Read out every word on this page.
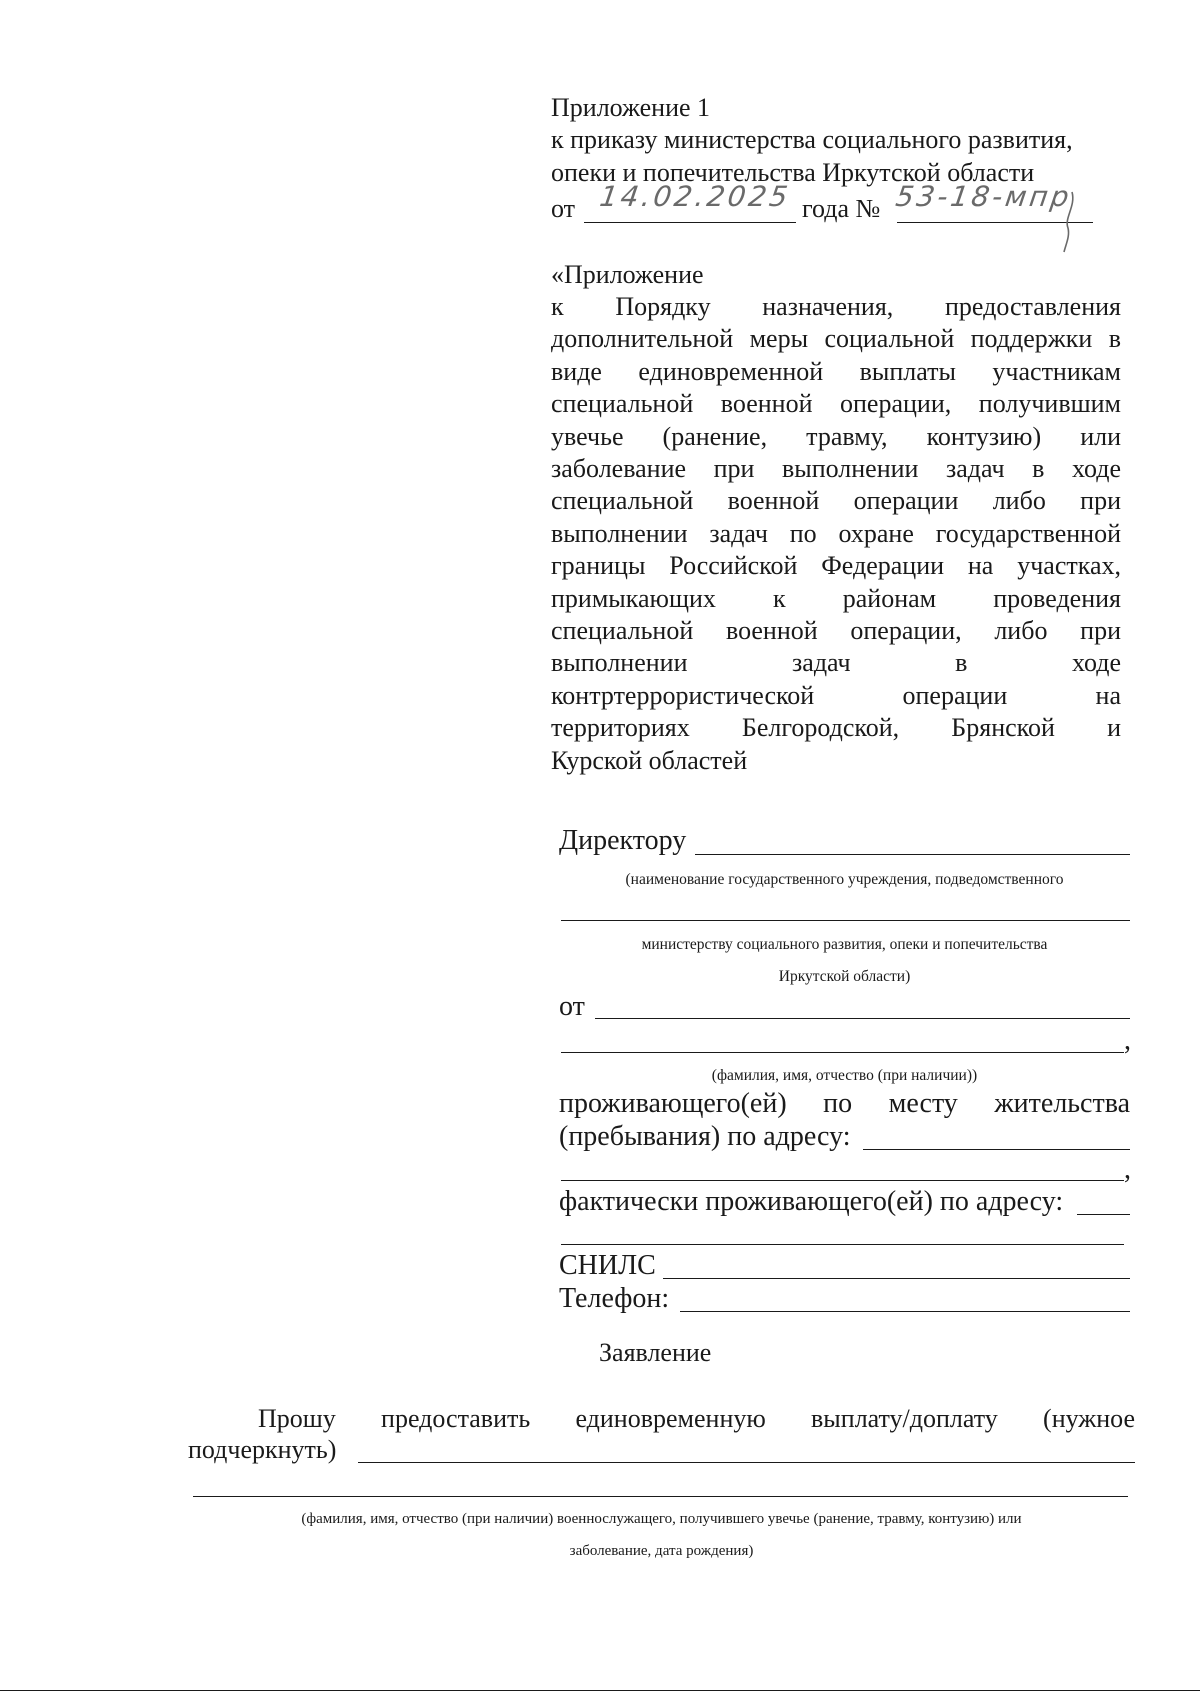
Приложение 1
к приказу министерства социального развития,
опеки и попечительства Иркутской области
от 14.02.2025 года № 53-18-мпр
«Приложение
к Порядку назначения, предоставления
дополнительной меры социальной поддержки в
виде единовременной выплаты участникам
специальной военной операции, получившим
увечье (ранение, травму, контузию) или
заболевание при выполнении задач в ходе
специальной военной операции либо при
выполнении задач по охране государственной
границы Российской Федерации на участках,
примыкающих к районам проведения
специальной военной операции, либо при
выполнении задач в ходе
контртеррористической операции на
территориях Белгородской, Брянской и
Курской областей
Директору
(наименование государственного учреждения, подведомственного
министерству социального развития, опеки и попечительства
Иркутской области)
от
,
(фамилия, имя, отчество (при наличии))
проживающего(ей) по месту жительства
(пребывания) по адресу:
,
фактически проживающего(ей) по адресу:
СНИЛС
Телефон:
Заявление
Прошу предоставить единовременную выплату/доплату (нужное
подчеркнуть)
(фамилия, имя, отчество (при наличии) военнослужащего, получившего увечье (ранение, травму, контузию) или
заболевание, дата рождения)
